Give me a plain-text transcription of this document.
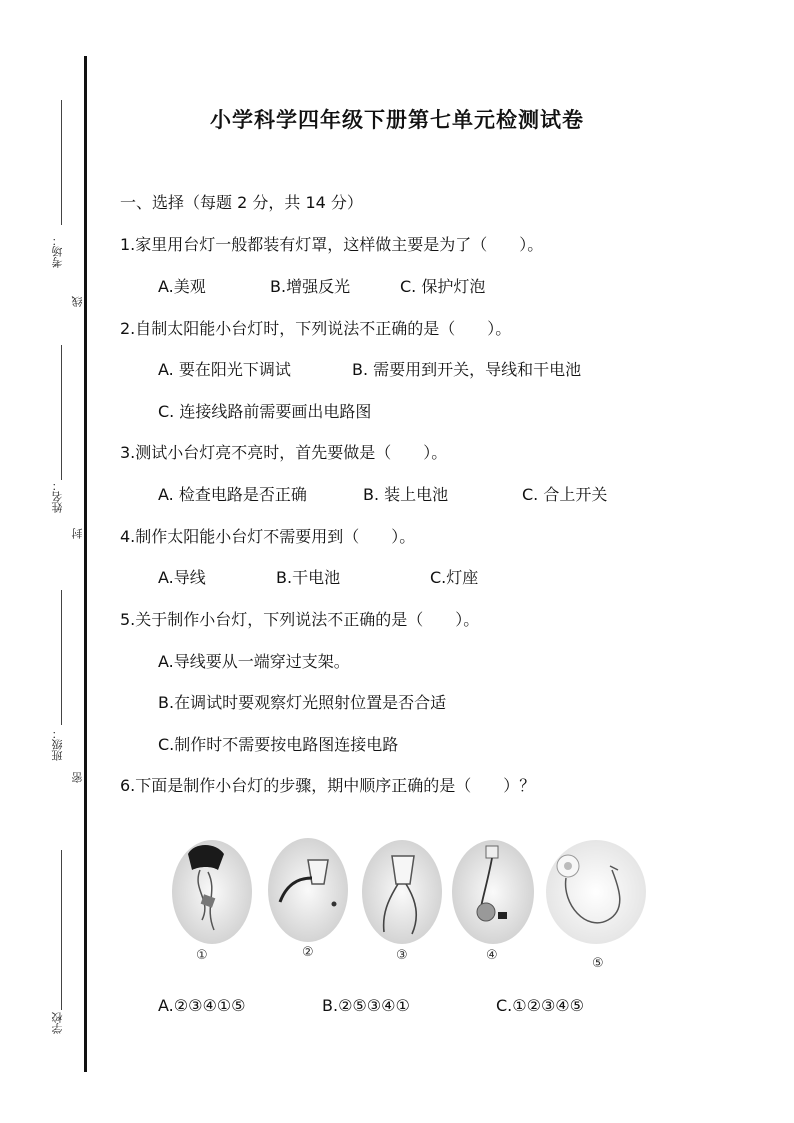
考场：
线
姓名：
封
班级：
密
学校
小学科学四年级下册第七单元检测试卷
一、选择（每题 2 分，共 14 分）
1.家里用台灯一般都装有灯罩，这样做主要是为了（　　）。
A.美观	B.增强反光	C. 保护灯泡
2.自制太阳能小台灯时，下列说法不正确的是（　　）。
A. 要在阳光下调试	B. 需要用到开关，导线和干电池
C. 连接线路前需要画出电路图
3.测试小台灯亮不亮时，首先要做是（　　）。
A. 检查电路是否正确	B. 装上电池	C. 合上开关
4.制作太阳能小台灯不需要用到（　　）。
A.导线	B.干电池	C.灯座
5.关于制作小台灯，下列说法不正确的是（　　）。
A.导线要从一端穿过支架。
B.在调试时要观察灯光照射位置是否合适
C.制作时不需要按电路图连接电路
6.下面是制作小台灯的步骤，期中顺序正确的是（　　）？
①	②	③	④
⑤
A.②③④①⑤	B.②⑤③④①	C.①②③④⑤
